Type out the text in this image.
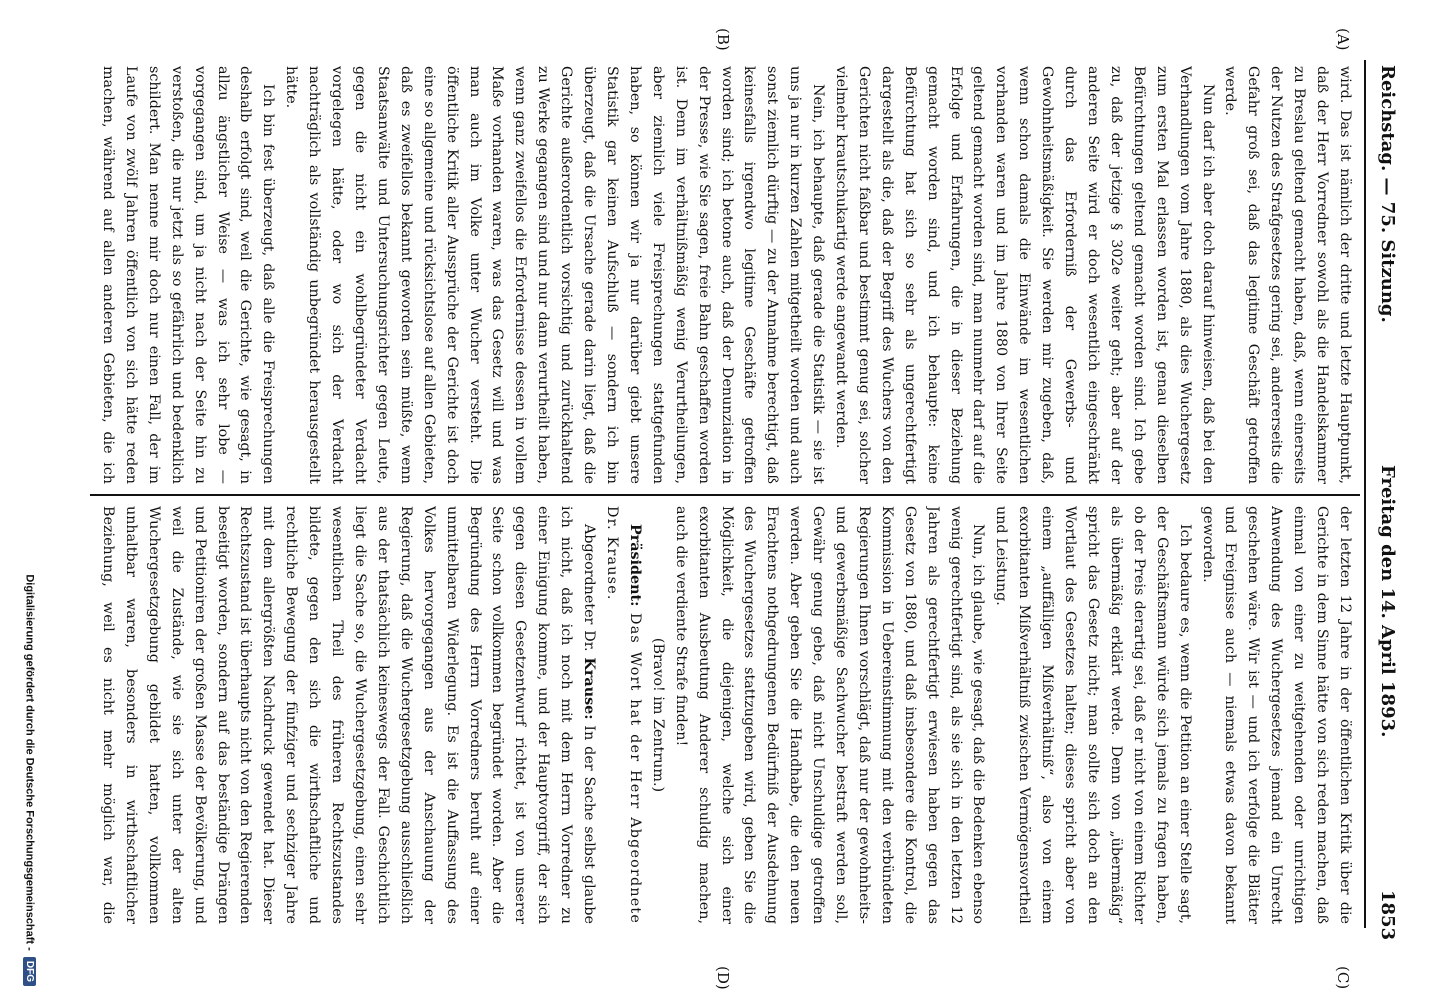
Reichstag. — 75. Sitzung.
Freitag den 14. April 1893.
1853
(A)
(B)
(C)
(D)

wird. Das ist nämlich der dritte und letzte Hauptpunkt, daß der Herr Vorredner sowohl als die Handelskammer zu Breslau geltend gemacht haben, daß, wenn einerseits der Nutzen des Strafgesetzes gering sei, andererseits die Gefahr groß sei, daß das legitime Geschäft getroffen werde.

Nun darf ich aber doch darauf hinweisen, daß bei den Verhandlungen vom Jahre 1880, als dies Wuchergesetz zum ersten Mal erlassen worden ist, genau dieselben Befürchtungen geltend gemacht worden sind. Ich gebe zu, daß der jetzige § 302e weiter geht; aber auf der anderen Seite wird er doch wesentlich eingeschränkt durch das Erforderniß der Gewerbs- und Gewohnheitsmäßigkeit. Sie werden mir zugeben, daß, wenn schon damals die Einwände im wesentlichen vorhanden waren und im Jahre 1880 von Ihrer Seite geltend gemacht worden sind, man nunmehr darf auf die Erfolge und Erfahrungen, die in dieser Beziehung gemacht worden sind, und ich behaupte: keine Befürchtung hat sich so sehr als ungerechtfertigt dargestellt als die, daß der Begriff des Wuchers von den Gerichten nicht faßbar und bestimmt genug sei, solcher vielmehr krautschukartig werde angewandt werden.

Nein, ich behaupte, daß gerade die Statistik — sie ist uns ja nur in kurzen Zahlen mitgetheilt worden und auch sonst ziemlich dürftig — zu der Annahme berechtigt, daß keinesfalls irgendwo legitime Geschäfte getroffen worden sind; ich betone auch, daß der Denunziation in der Presse, wie Sie sagen, freie Bahn geschaffen worden ist. Denn im verhältnißmäßig wenig Verurtheilungen, aber ziemlich viele Freisprechungen stattgefunden haben, so können wir ja nur darüber giebt unsere Statistik gar keinen Aufschluß — sondern ich bin überzeugt, daß die Ursache gerade darin liegt, daß die Gerichte außerordentlich vorsichtig und zurückhaltend zu Werke gegangen sind und nur dann verurtheilt haben, wenn ganz zweifellos die Erfordernisse dessen in vollem Maße vorhanden waren, was das Gesetz will und was man auch im Volke unter Wucher versteht. Die öffentliche Kritik aller Aussprüche der Gerichte ist doch eine so allgemeine und rücksichtslose auf allen Gebieten, daß es zweifellos bekannt geworden sein müßte, wenn Staatsanwälte und Untersuchungsrichter gegen Leute, gegen die nicht ein wohlbegründeter Verdacht vorgelegen hätte, oder wo sich der Verdacht nachträglich als vollständig unbegründet herausgestellt hätte.

Ich bin fest überzeugt, daß alle die Freisprechungen deshalb erfolgt sind, weil die Gerichte, wie gesagt, in allzu ängstlicher Weise — was ich sehr lobe — vorgegangen sind, um ja nicht nach der Seite hin zu verstoßen, die nur jetzt als so gefährlich und bedenklich schildert. Man nenne mir doch nur einen Fall, der im Laufe von zwölf Jahren öffentlich von sich hätte reden machen, während auf allen anderen Gebieten, die ich

der letzten 12 Jahre in der öffentlichen Kritik über die Gerichte in dem Sinne hätte von sich reden machen, daß einmal von einer zu weitgehenden oder unrichtigen Anwendung des Wuchergesetzes jemand ein Unrecht geschehen wäre. Wir ist — und ich verfolge die Blätter und Ereignisse auch — niemals etwas davon bekannt geworden.

Ich bedaure es, wenn die Petition an einer Stelle sagt, der Geschäftsmann würde sich jemals zu fragen haben, ob der Preis derartig sei, daß er nicht von einem Richter als übermäßig erklärt werde. Denn von „übermäßig“ spricht das Gesetz nicht; man sollte sich doch an den Wortlaut des Gesetzes halten; dieses spricht aber von einem „auffälligen Mißverhältniß“, also von einem exorbitanten Mißverhältniß zwischen Vermögensvortheil und Leistung.

Nun, ich glaube, wie gesagt, daß die Bedenken ebenso wenig gerechtfertigt sind, als sie sich in den letzten 12 Jahren als gerechtfertigt erwiesen haben gegen das Gesetz von 1880, und daß insbesondere die Kontrol, die Kommission in Uebereinstimmung mit den verbündeten Regierungen Ihnen vorschlägt, daß nur der gewohnheits- und gewerbsmäßige Sachwucher bestraft werden soll, Gewähr genug gebe, daß nicht Unschuldige getroffen werden. Aber geben Sie die Handhabe, die den neuen Erachtens nothgedrungenen Bedürfniß der Ausdehnung des Wuchergesetzes stattzugeben wird, geben Sie die Möglichkeit, die diejenigen, welche sich einer exorbitanten Ausbeutung Anderer schuldig machen, auch die verdiente Strafe finden!

(Bravo! im Zentrum.)

Präsident: Das Wort hat der Herr Abgeordnete Dr. Krause.

Abgeordneter Dr. Krause: In der Sache selbst glaube ich nicht, daß ich noch mit dem Herrn Vorredner zu einer Einigung komme, und der Hauptvorgriff, der sich gegen diesen Gesetzentwurf richtet, ist von unserer Seite schon vollkommen begründet worden. Aber die Begründung des Herrn Vorredners beruht auf einer unmittelbaren Widerlegung. Es ist die Auffassung des Volkes hervorgegangen aus der Anschauung der Regierung, daß die Wuchergesetzgebung ausschließlich aus der thatsächlich keineswegs der Fall. Geschichtlich liegt die Sache so, die Wuchergesetzgebung, einen sehr wesentlichen Theil des früheren Rechtszustandes bildete, gegen den sich die wirthschaftliche und rechtliche Bewegung der fünfziger und sechziger Jahre mit dem allergrößten Nachdruck gewendet hat. Dieser Rechtszustand ist überhaupts nicht von den Regierenden beseitigt worden, sondern auf das beständige Drängen und Petitioniren der großen Masse der Bevölkerung, und weil die Zustände, wie sie sich unter der alten Wuchergesetzgebung gebildet hatten, vollkommen unhaltbar waren, besonders in wirthschaftlicher Beziehung, weil es nicht mehr möglich war, die

Digitalisierung gefördert durch die Deutsche Forschungsgemeinschaft - DFG
